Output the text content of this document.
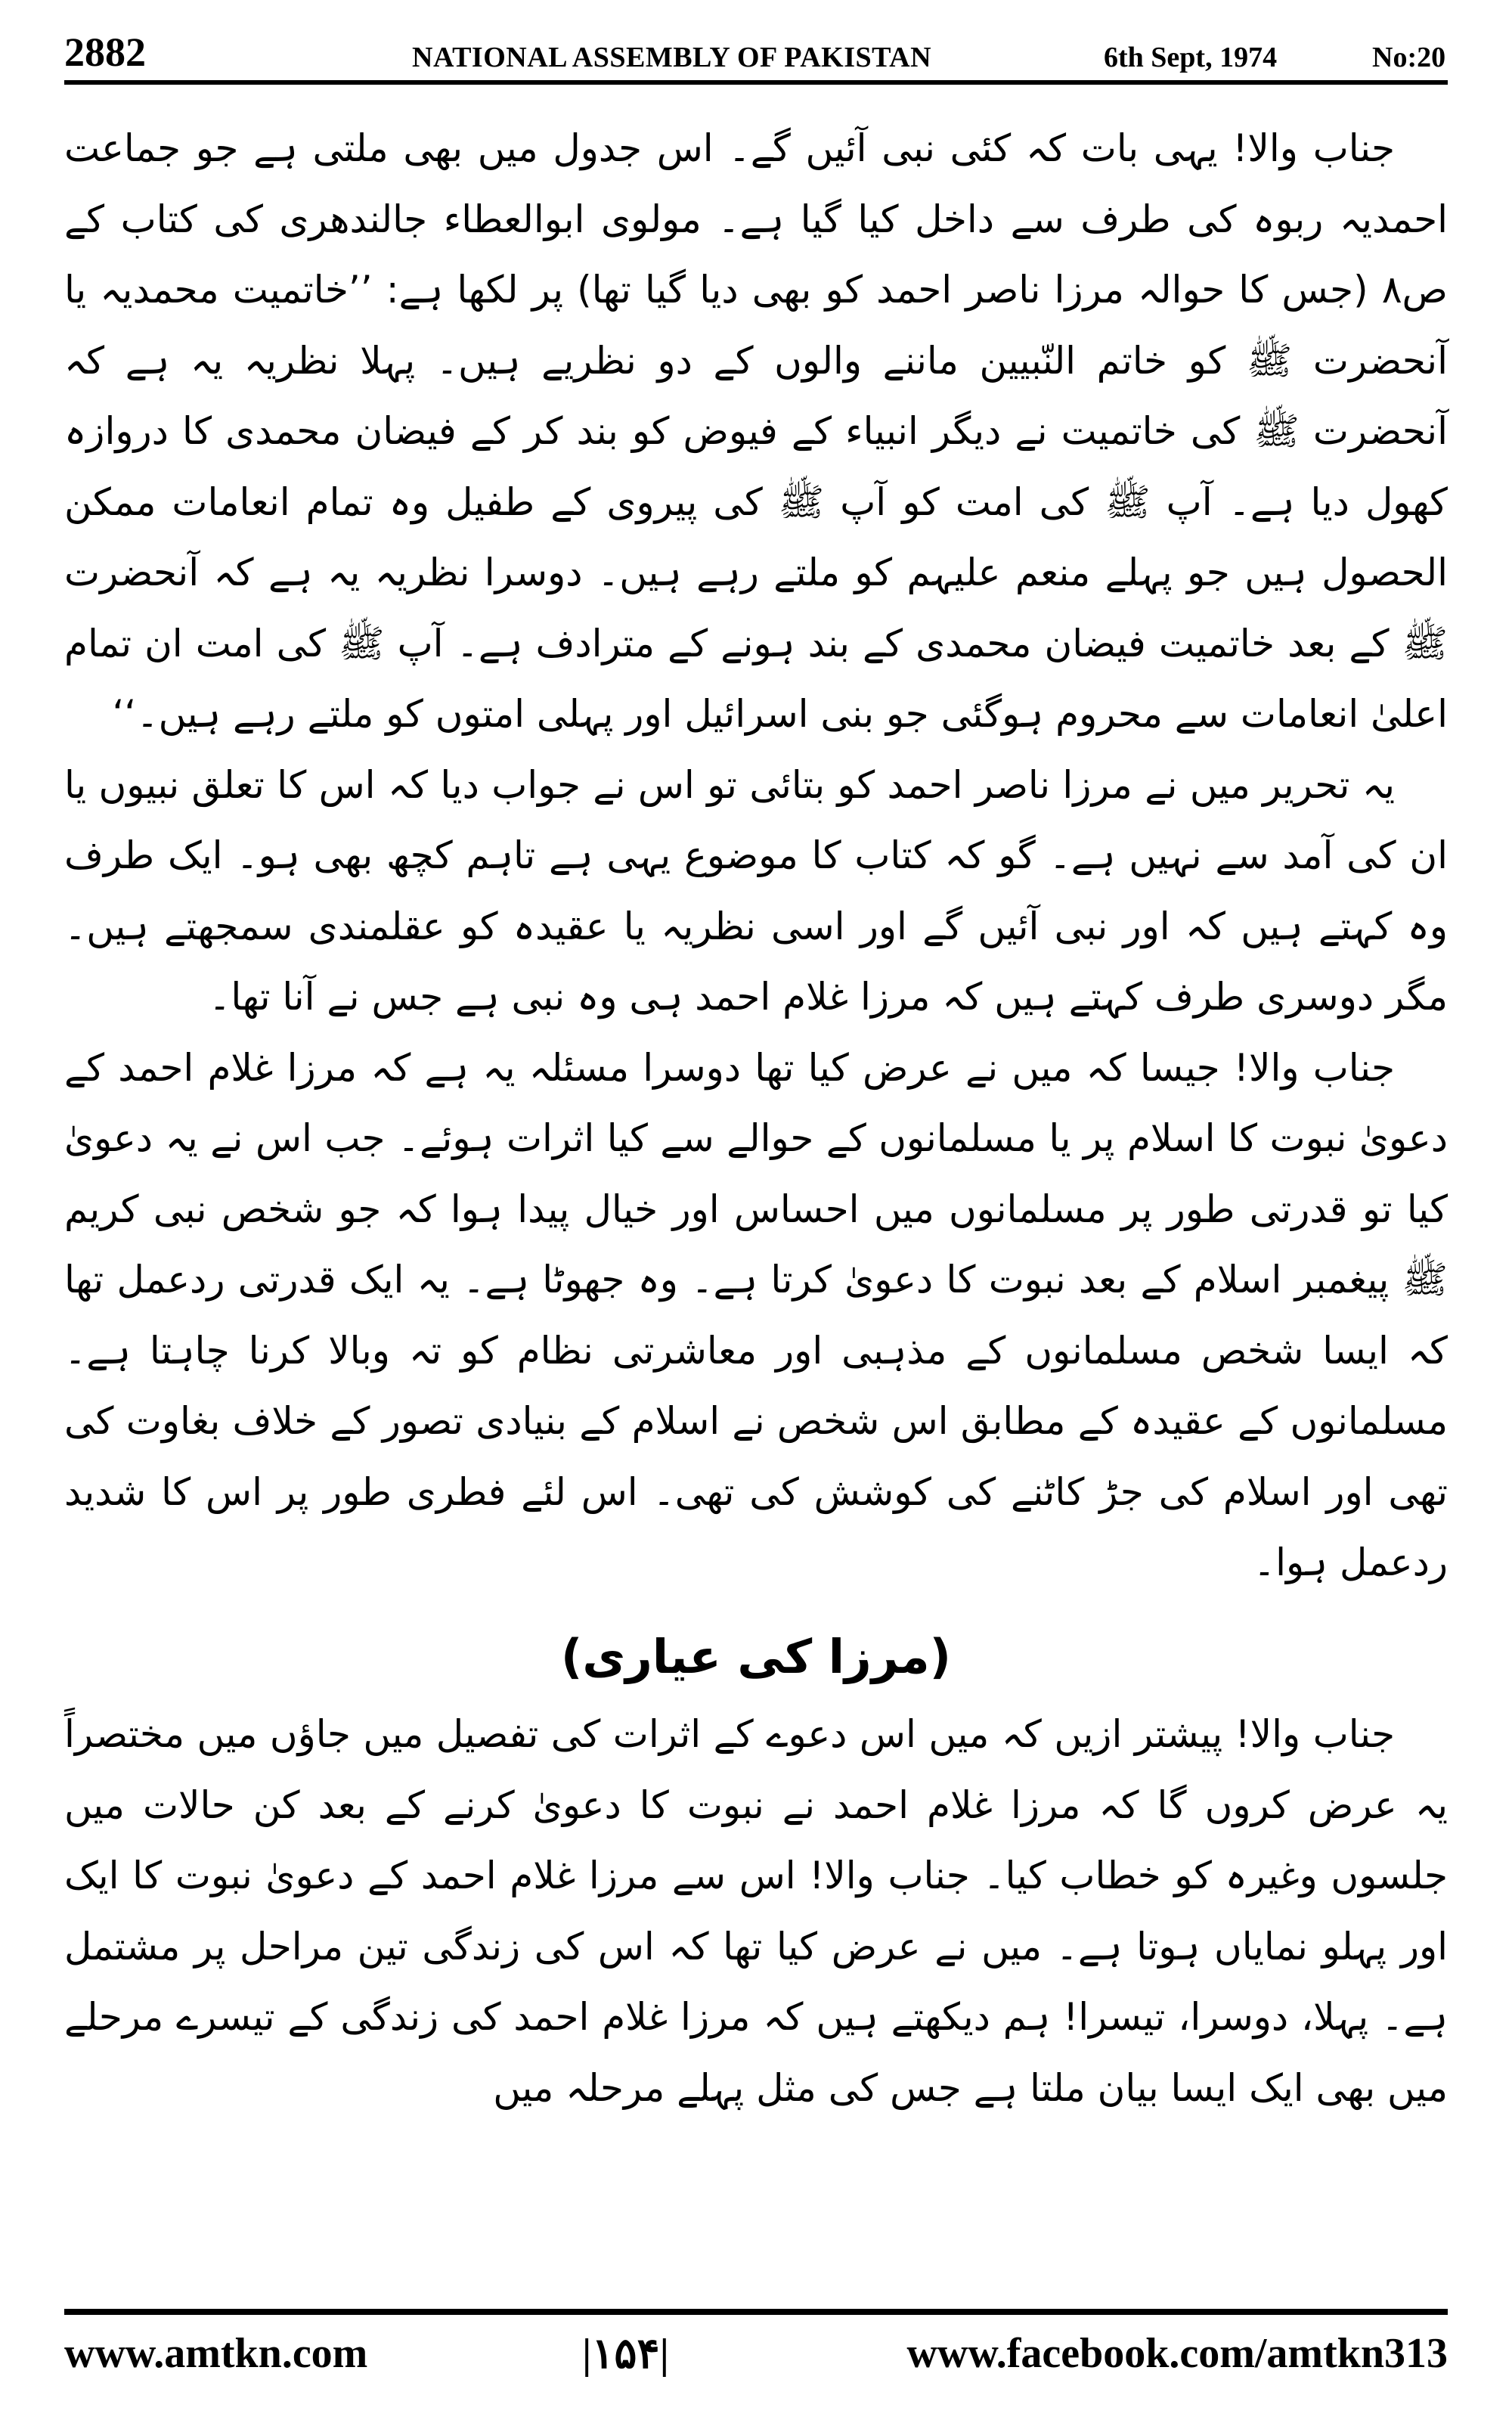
2882	NATIONAL ASSEMBLY OF PAKISTAN	6th Sept, 1974	No:20

جناب والا! یہی بات کہ کئی نبی آئیں گے۔ اس جدول میں بھی ملتی ہے جو جماعت احمدیہ ربوہ کی طرف سے داخل کیا گیا ہے۔ مولوی ابوالعطاء جالندھری کی کتاب کے ص۸ (جس کا حوالہ مرزا ناصر احمد کو بھی دیا گیا تھا) پر لکھا ہے: ’’خاتمیت محمدیہ یا آنحضرت ﷺ کو خاتم النّبیین ماننے والوں کے دو نظریے ہیں۔ پہلا نظریہ یہ ہے کہ آنحضرت ﷺ کی خاتمیت نے دیگر انبیاء کے فیوض کو بند کر کے فیضان محمدی کا دروازہ کھول دیا ہے۔ آپ ﷺ کی امت کو آپ ﷺ کی پیروی کے طفیل وہ تمام انعامات ممکن الحصول ہیں جو پہلے منعم علیہم کو ملتے رہے ہیں۔ دوسرا نظریہ یہ ہے کہ آنحضرت ﷺ کے بعد خاتمیت فیضان محمدی کے بند ہونے کے مترادف ہے۔ آپ ﷺ کی امت ان تمام اعلیٰ انعامات سے محروم ہوگئی جو بنی اسرائیل اور پہلی امتوں کو ملتے رہے ہیں۔‘‘

یہ تحریر میں نے مرزا ناصر احمد کو بتائی تو اس نے جواب دیا کہ اس کا تعلق نبیوں یا ان کی آمد سے نہیں ہے۔ گو کہ کتاب کا موضوع یہی ہے تاہم کچھ بھی ہو۔ ایک طرف وہ کہتے ہیں کہ اور نبی آئیں گے اور اسی نظریہ یا عقیدہ کو عقلمندی سمجھتے ہیں۔ مگر دوسری طرف کہتے ہیں کہ مرزا غلام احمد ہی وہ نبی ہے جس نے آنا تھا۔

جناب والا! جیسا کہ میں نے عرض کیا تھا دوسرا مسئلہ یہ ہے کہ مرزا غلام احمد کے دعویٰ نبوت کا اسلام پر یا مسلمانوں کے حوالے سے کیا اثرات ہوئے۔ جب اس نے یہ دعویٰ کیا تو قدرتی طور پر مسلمانوں میں احساس اور خیال پیدا ہوا کہ جو شخص نبی کریم ﷺ پیغمبر اسلام کے بعد نبوت کا دعویٰ کرتا ہے۔ وہ جھوٹا ہے۔ یہ ایک قدرتی ردعمل تھا کہ ایسا شخص مسلمانوں کے مذہبی اور معاشرتی نظام کو تہ وبالا کرنا چاہتا ہے۔ مسلمانوں کے عقیدہ کے مطابق اس شخص نے اسلام کے بنیادی تصور کے خلاف بغاوت کی تھی اور اسلام کی جڑ کاٹنے کی کوشش کی تھی۔ اس لئے فطری طور پر اس کا شدید ردعمل ہوا۔

(مرزا کی عیاری)

جناب والا! پیشتر ازیں کہ میں اس دعوے کے اثرات کی تفصیل میں جاؤں میں مختصراً یہ عرض کروں گا کہ مرزا غلام احمد نے نبوت کا دعویٰ کرنے کے بعد کن حالات میں جلسوں وغیرہ کو خطاب کیا۔ جناب والا! اس سے مرزا غلام احمد کے دعویٰ نبوت کا ایک اور پہلو نمایاں ہوتا ہے۔ میں نے عرض کیا تھا کہ اس کی زندگی تین مراحل پر مشتمل ہے۔ پہلا، دوسرا، تیسرا! ہم دیکھتے ہیں کہ مرزا غلام احمد کی زندگی کے تیسرے مرحلے میں بھی ایک ایسا بیان ملتا ہے جس کی مثل پہلے مرحلہ میں

www.amtkn.com	|۱۵۴|	www.facebook.com/amtkn313
